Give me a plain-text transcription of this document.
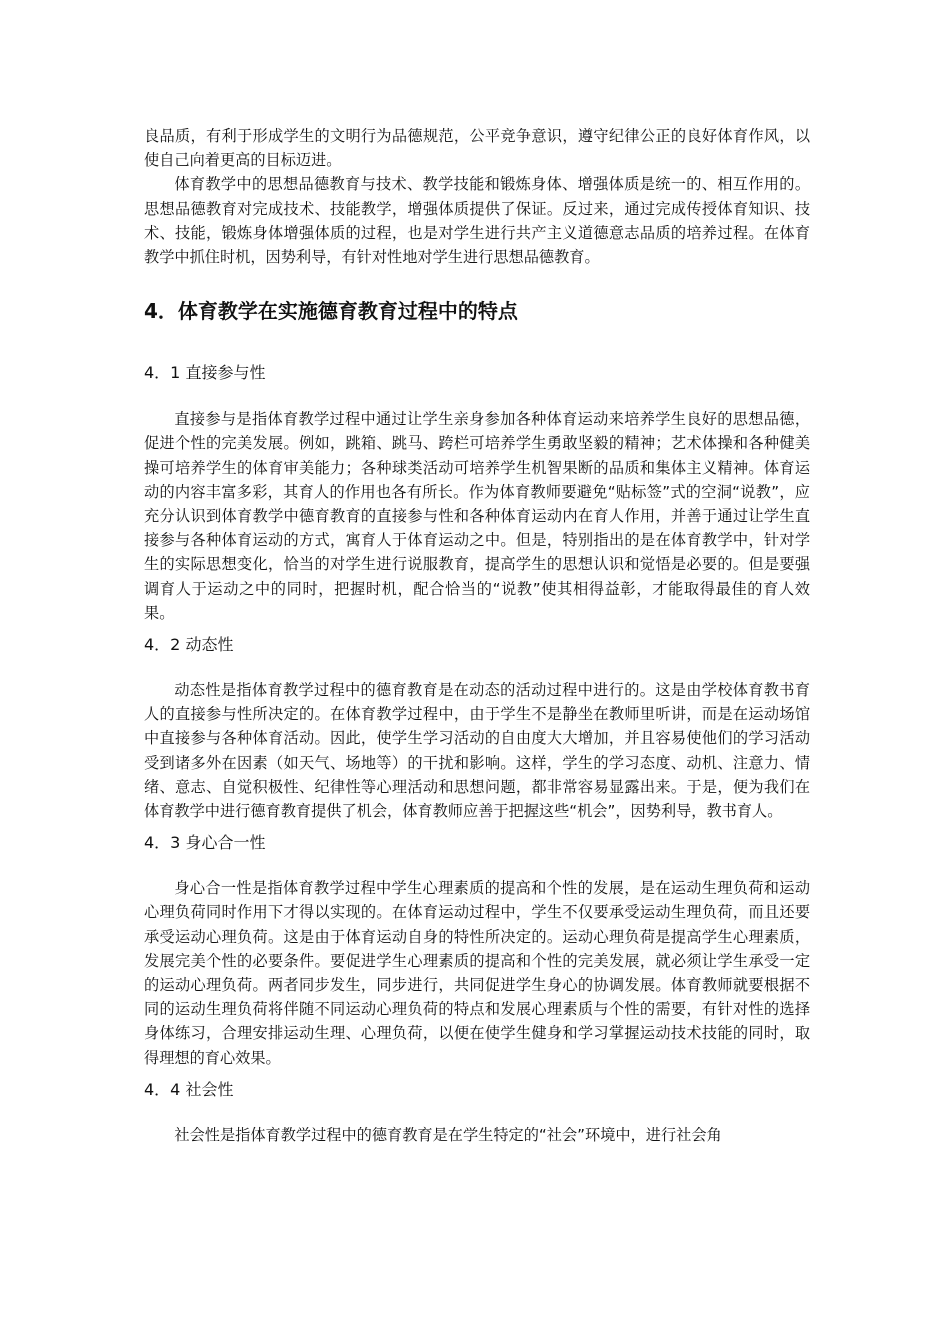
良品质，有利于形成学生的文明行为品德规范，公平竞争意识，遵守纪律公正的良好体育作风，以使自己向着更高的目标迈进。

体育教学中的思想品德教育与技术、教学技能和锻炼身体、增强体质是统一的、相互作用的。思想品德教育对完成技术、技能教学，增强体质提供了保证。反过来，通过完成传授体育知识、技术、技能，锻炼身体增强体质的过程，也是对学生进行共产主义道德意志品质的培养过程。在体育教学中抓住时机，因势利导，有针对性地对学生进行思想品德教育。

4．体育教学在实施德育教育过程中的特点
4．1 直接参与性

直接参与是指体育教学过程中通过让学生亲身参加各种体育运动来培养学生良好的思想品德，促进个性的完美发展。例如，跳箱、跳马、跨栏可培养学生勇敢坚毅的精神；艺术体操和各种健美操可培养学生的体育审美能力；各种球类活动可培养学生机智果断的品质和集体主义精神。体育运动的内容丰富多彩，其育人的作用也各有所长。作为体育教师要避免“贴标签”式的空洞“说教”，应充分认识到体育教学中德育教育的直接参与性和各种体育运动内在育人作用，并善于通过让学生直接参与各种体育运动的方式，寓育人于体育运动之中。但是，特别指出的是在体育教学中，针对学生的实际思想变化，恰当的对学生进行说服教育，提高学生的思想认识和觉悟是必要的。但是要强调育人于运动之中的同时，把握时机，配合恰当的“说教”使其相得益彰，才能取得最佳的育人效果。

4．2 动态性

动态性是指体育教学过程中的德育教育是在动态的活动过程中进行的。这是由学校体育教书育人的直接参与性所决定的。在体育教学过程中，由于学生不是静坐在教师里听讲，而是在运动场馆中直接参与各种体育活动。因此，使学生学习活动的自由度大大增加，并且容易使他们的学习活动受到诸多外在因素（如天气、场地等）的干扰和影响。这样，学生的学习态度、动机、注意力、情绪、意志、自觉积极性、纪律性等心理活动和思想问题，都非常容易显露出来。于是，便为我们在体育教学中进行德育教育提供了机会，体育教师应善于把握这些“机会”，因势利导，教书育人。

4．3 身心合一性

身心合一性是指体育教学过程中学生心理素质的提高和个性的发展，是在运动生理负荷和运动心理负荷同时作用下才得以实现的。在体育运动过程中，学生不仅要承受运动生理负荷，而且还要承受运动心理负荷。这是由于体育运动自身的特性所决定的。运动心理负荷是提高学生心理素质，发展完美个性的必要条件。要促进学生心理素质的提高和个性的完美发展，就必须让学生承受一定的运动心理负荷。两者同步发生，同步进行，共同促进学生身心的协调发展。体育教师就要根据不同的运动生理负荷将伴随不同运动心理负荷的特点和发展心理素质与个性的需要，有针对性的选择身体练习，合理安排运动生理、心理负荷，以便在使学生健身和学习掌握运动技术技能的同时，取得理想的育心效果。

4．4 社会性

社会性是指体育教学过程中的德育教育是在学生特定的“社会”环境中，进行社会角
